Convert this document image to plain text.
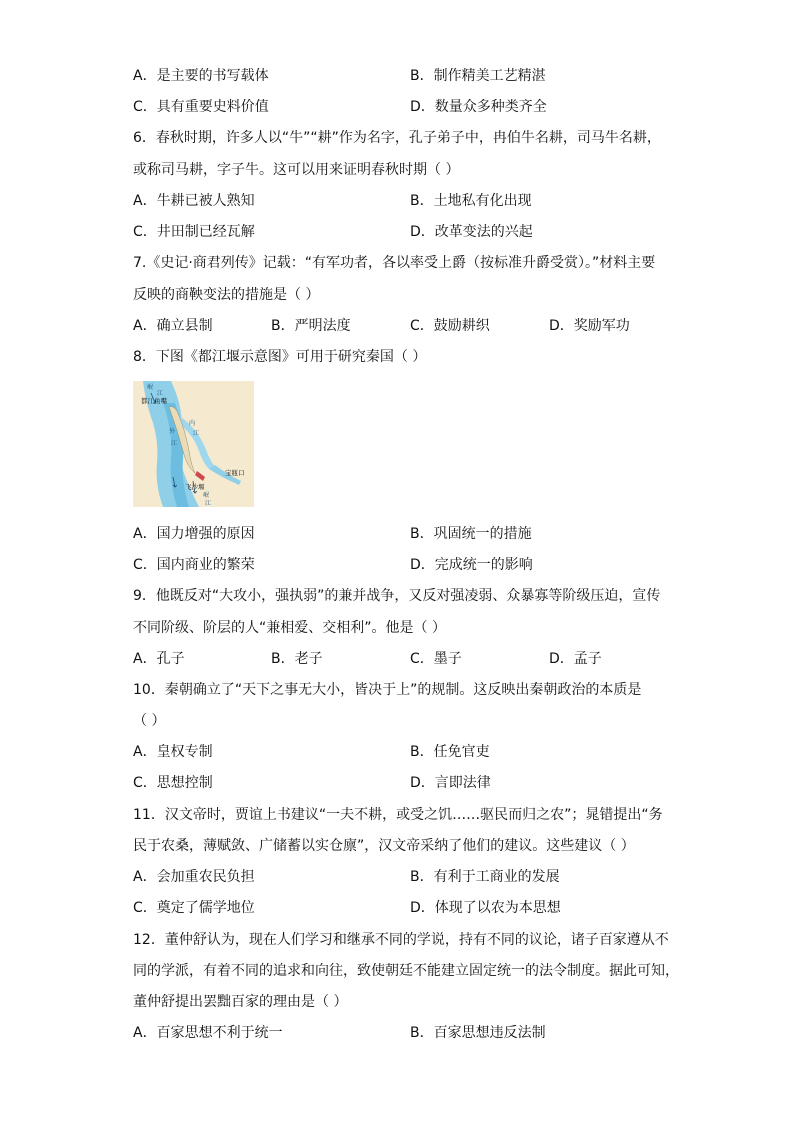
A．是主要的书写载体	B．制作精美工艺精湛
C．具有重要史料价值	D．数量众多种类齐全
6．春秋时期，许多人以“牛”“耕”作为名字，孔子弟子中，冉伯牛名耕，司马牛名耕，
或称司马耕，字子牛。这可以用来证明春秋时期（ ）
A．牛耕已被人熟知	B．土地私有化出现
C．井田制已经瓦解	D．改革变法的兴起
7.《史记·商君列传》记载：“有军功者，各以率受上爵（按标准升爵受赏）。”材料主要
反映的商鞅变法的措施是（ ）
A．确立县制	B．严明法度	C．鼓励耕织	D．奖励军功
8．下图《都江堰示意图》可用于研究秦国（ ）
岷
江
都江鱼嘴
内
江
外
江
飞沙堰
宝瓶口
岷
江
A．国力增强的原因	B．巩固统一的措施
C．国内商业的繁荣	D．完成统一的影响
9．他既反对“大攻小，强执弱”的兼并战争，又反对强凌弱、众暴寡等阶级压迫，宣传
不同阶级、阶层的人“兼相爱、交相利”。他是（ ）
A．孔子	B．老子	C．墨子	D．孟子
10．秦朝确立了“天下之事无大小，皆决于上”的规制。这反映出秦朝政治的本质是
（ ）
A．皇权专制	B．任免官吏
C．思想控制	D．言即法律
11．汉文帝时，贾谊上书建议“一夫不耕，或受之饥……驱民而归之农”；晁错提出“务
民于农桑，薄赋敛、广储蓄以实仓廪”，汉文帝采纳了他们的建议。这些建议（ ）
A．会加重农民负担	B．有利于工商业的发展
C．奠定了儒学地位	D．体现了以农为本思想
12．董仲舒认为，现在人们学习和继承不同的学说，持有不同的议论，诸子百家遵从不
同的学派，有着不同的追求和向往，致使朝廷不能建立固定统一的法令制度。据此可知，
董仲舒提出罢黜百家的理由是（ ）
A．百家思想不利于统一	B．百家思想违反法制
